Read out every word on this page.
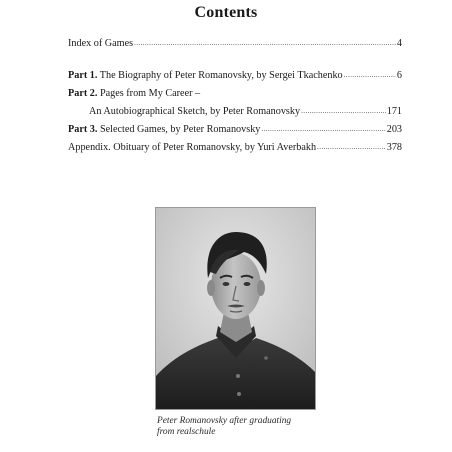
Contents
Index of Games .....	4
Part 1. The Biography of Peter Romanovsky, by Sergei Tkachenko .....	6
Part 2. Pages from My Career –
An Autobiographical Sketch, by Peter Romanovsky .....	171
Part 3. Selected Games, by Peter Romanovsky .....	203
Appendix. Obituary of Peter Romanovsky, by Yuri Averbakh .....	378
Peter Romanovsky after graduating
from realschule
